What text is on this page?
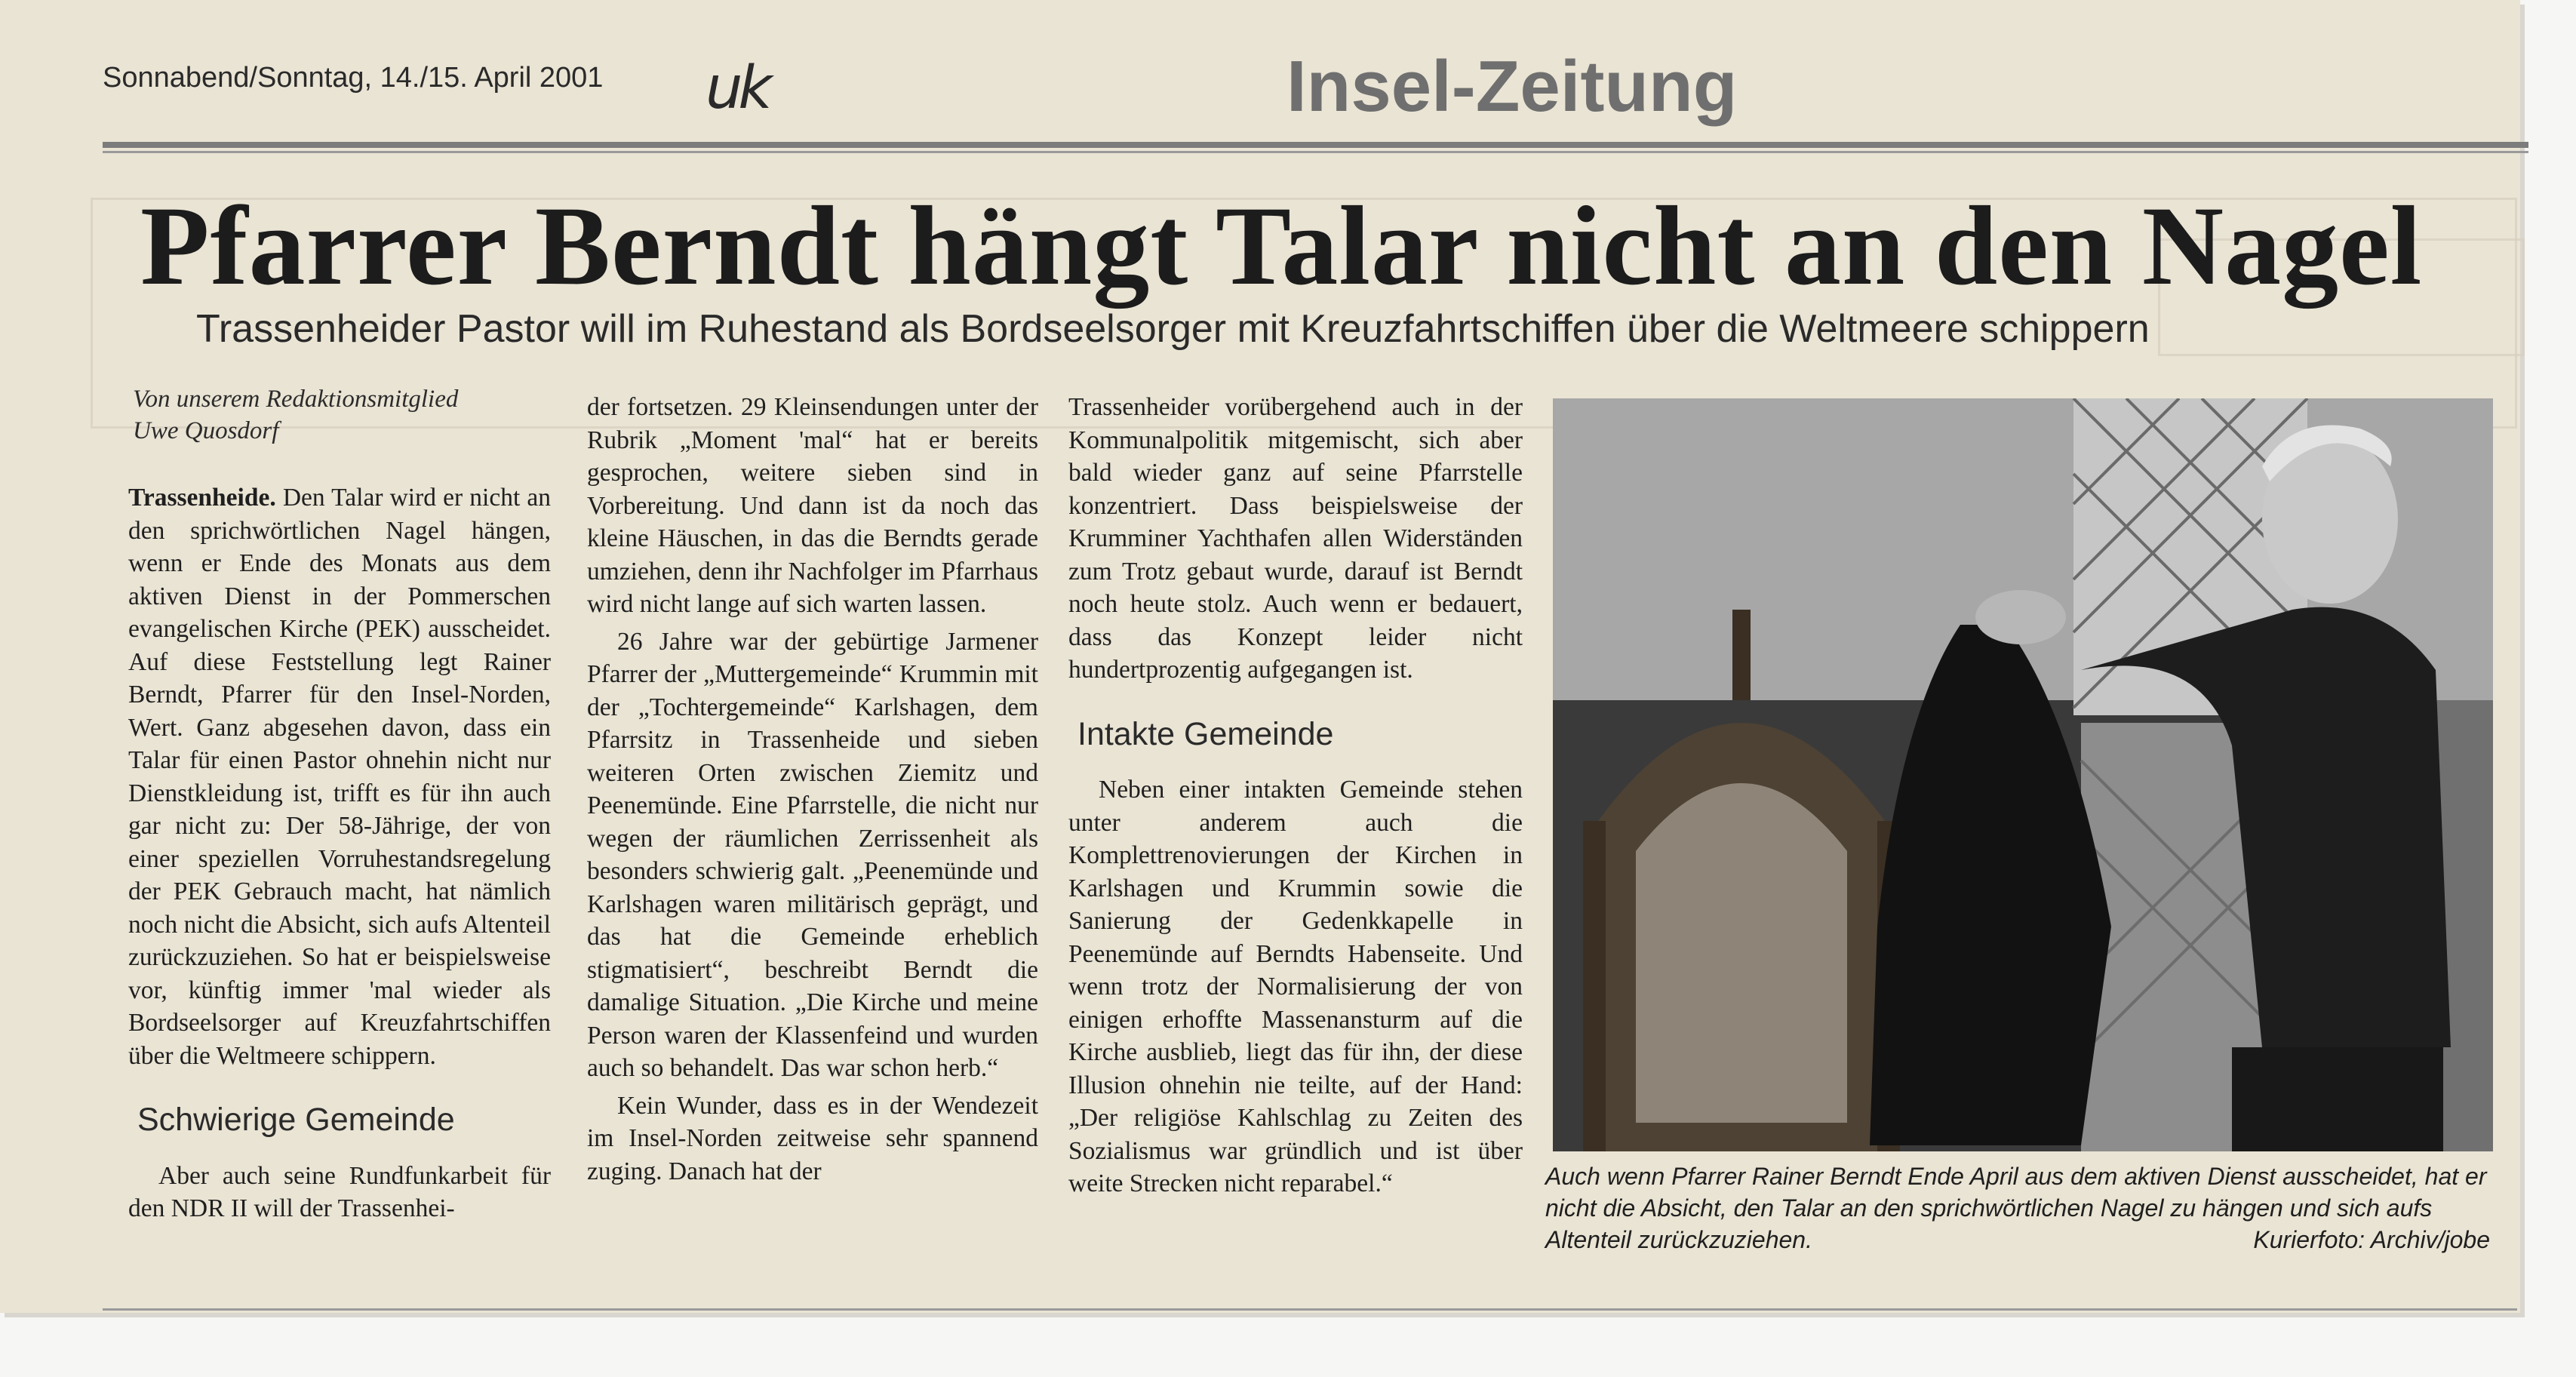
Sonnabend/Sonntag, 14./15. April 2001 uk	Insel-Zeitung
Pfarrer Berndt hängt Talar nicht an den Nagel
Trassenheider Pastor will im Ruhestand als Bordseelsorger mit Kreuzfahrtschiffen über die Weltmeere schippern
Von unserem Redaktionsmitglied
Uwe Quosdorf

Trassenheide. Den Talar wird er nicht an den sprichwörtlichen Nagel hängen, wenn er Ende des Monats aus dem aktiven Dienst in der Pommerschen evangelischen Kirche (PEK) ausscheidet. Auf diese Feststellung legt Rainer Berndt, Pfarrer für den Insel-Norden, Wert. Ganz abgesehen davon, dass ein Talar für einen Pastor ohnehin nicht nur Dienstkleidung ist, trifft es für ihn auch gar nicht zu: Der 58-Jährige, der von einer speziellen Vorruhestandsregelung der PEK Gebrauch macht, hat nämlich noch nicht die Absicht, sich aufs Altenteil zurückzuziehen. So hat er beispielsweise vor, künftig immer 'mal wieder als Bordseelsorger auf Kreuzfahrtschiffen über die Weltmeere schippern.

Schwierige Gemeinde

Aber auch seine Rundfunkarbeit für den NDR II will der Trassenhei-

der fortsetzen. 29 Kleinsendungen unter der Rubrik „Moment 'mal“ hat er bereits gesprochen, weitere sieben sind in Vorbereitung. Und dann ist da noch das kleine Häuschen, in das die Berndts gerade umziehen, denn ihr Nachfolger im Pfarrhaus wird nicht lange auf sich warten lassen.

26 Jahre war der gebürtige Jarmener Pfarrer der „Muttergemeinde“ Krummin mit der „Tochtergemeinde“ Karlshagen, dem Pfarrsitz in Trassenheide und sieben weiteren Orten zwischen Ziemitz und Peenemünde. Eine Pfarrstelle, die nicht nur wegen der räumlichen Zerrissenheit als besonders schwierig galt. „Peenemünde und Karlshagen waren militärisch geprägt, und das hat die Gemeinde erheblich stigmatisiert“, beschreibt Berndt die damalige Situation. „Die Kirche und meine Person waren der Klassenfeind und wurden auch so behandelt. Das war schon herb.“

Kein Wunder, dass es in der Wendezeit im Insel-Norden zeitweise sehr spannend zuging. Danach hat der

Trassenheider vorübergehend auch in der Kommunalpolitik mitgemischt, sich aber bald wieder ganz auf seine Pfarrstelle konzentriert. Dass beispielsweise der Krumminer Yachthafen allen Widerständen zum Trotz gebaut wurde, darauf ist Berndt noch heute stolz. Auch wenn er bedauert, dass das Konzept leider nicht hundertprozentig aufgegangen ist.

Intakte Gemeinde

Neben einer intakten Gemeinde stehen unter anderem auch die Komplettrenovierungen der Kirchen in Karlshagen und Krummin sowie die Sanierung der Gedenkkapelle in Peenemünde auf Berndts Habenseite. Und wenn trotz der Normalisierung der von einigen erhoffte Massenansturm auf die Kirche ausblieb, liegt das für ihn, der diese Illusion ohnehin nie teilte, auf der Hand: „Der religiöse Kahlschlag zu Zeiten des Sozialismus war gründlich und ist über weite Strecken nicht reparabel.“	Auch wenn Pfarrer Rainer Berndt Ende April aus dem aktiven Dienst ausscheidet, hat er nicht die Absicht, den Talar an den sprichwörtlichen Nagel zu hängen und sich aufs Altenteil zurückzuziehen.	Kurierfoto: Archiv/jobe
